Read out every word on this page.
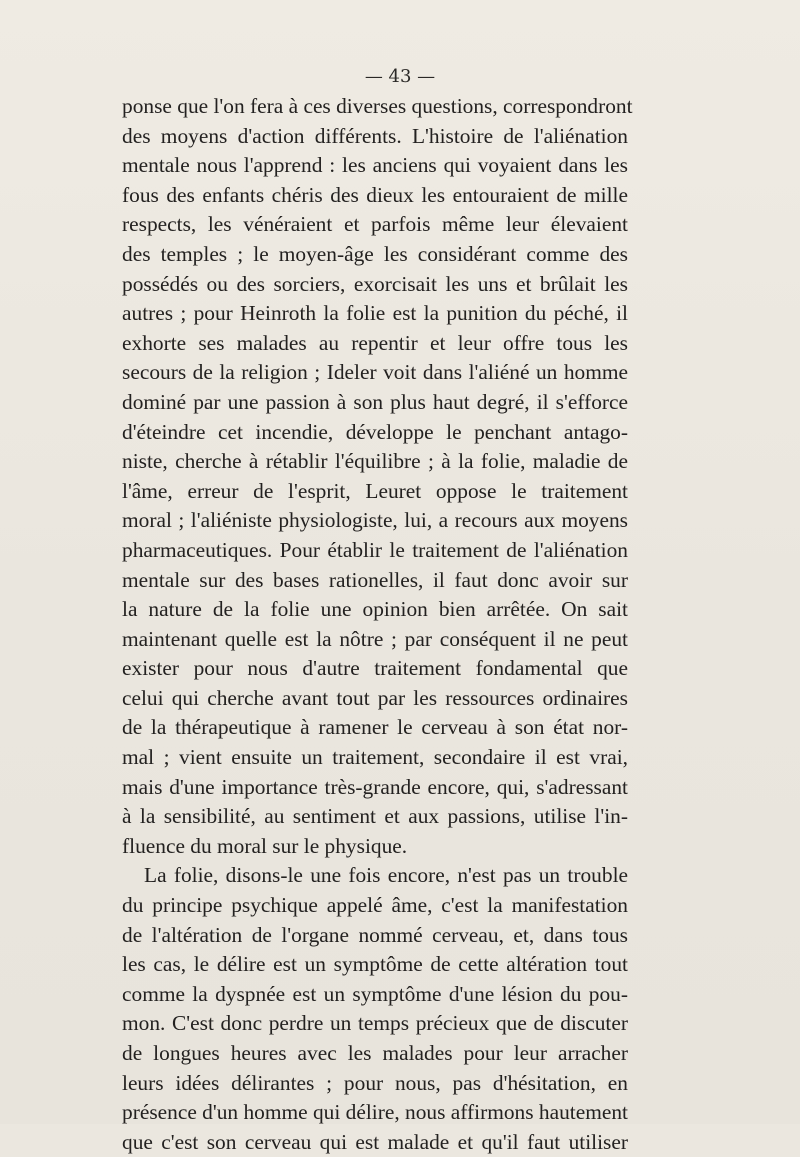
— 43 —
ponse que l'on fera à ces diverses questions, correspondront
des moyens d'action différents. L'histoire de l'aliénation
mentale nous l'apprend : les anciens qui voyaient dans les
fous des enfants chéris des dieux les entouraient de mille
respects, les vénéraient et parfois même leur élevaient
des temples ; le moyen-âge les considérant comme des
possédés ou des sorciers, exorcisait les uns et brûlait les
autres ; pour Heinroth la folie est la punition du péché, il
exhorte ses malades au repentir et leur offre tous les
secours de la religion ; Ideler voit dans l'aliéné un homme
dominé par une passion à son plus haut degré, il s'efforce
d'éteindre cet incendie, développe le penchant antago-
niste, cherche à rétablir l'équilibre ; à la folie, maladie de
l'âme, erreur de l'esprit, Leuret oppose le traitement
moral ; l'aliéniste physiologiste, lui, a recours aux moyens
pharmaceutiques. Pour établir le traitement de l'aliénation
mentale sur des bases rationelles, il faut donc avoir sur
la nature de la folie une opinion bien arrêtée. On sait
maintenant quelle est la nôtre ; par conséquent il ne peut
exister pour nous d'autre traitement fondamental que
celui qui cherche avant tout par les ressources ordinaires
de la thérapeutique à ramener le cerveau à son état nor-
mal ; vient ensuite un traitement, secondaire il est vrai,
mais d'une importance très-grande encore, qui, s'adressant
à la sensibilité, au sentiment et aux passions, utilise l'in-
fluence du moral sur le physique.
La folie, disons-le une fois encore, n'est pas un trouble
du principe psychique appelé âme, c'est la manifestation
de l'altération de l'organe nommé cerveau, et, dans tous
les cas, le délire est un symptôme de cette altération tout
comme la dyspnée est un symptôme d'une lésion du pou-
mon. C'est donc perdre un temps précieux que de discuter
de longues heures avec les malades pour leur arracher
leurs idées délirantes ; pour nous, pas d'hésitation, en
présence d'un homme qui délire, nous affirmons hautement
que c'est son cerveau qui est malade et qu'il faut utiliser
